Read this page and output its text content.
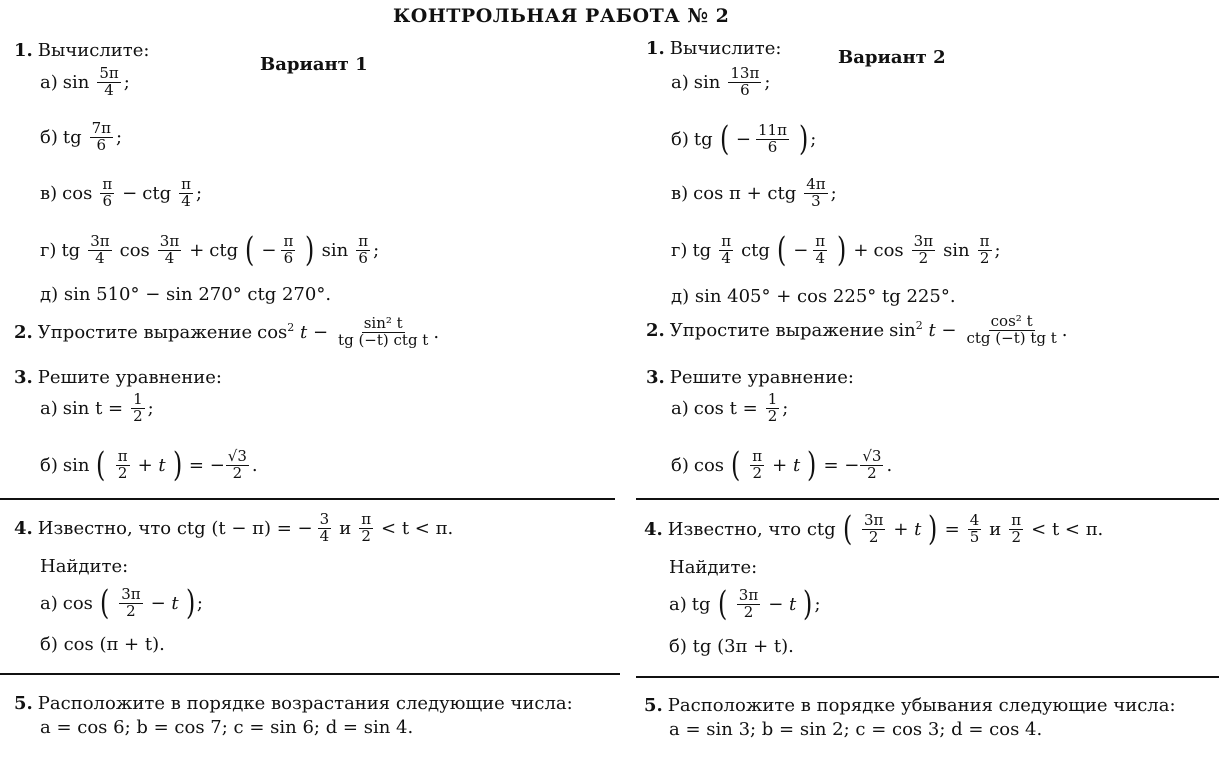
КОНТРОЛЬНАЯ РАБОТА № 2
Вариант 1
1. Вычислите:
а) $\sin \frac{5\pi}{4}$ ;
б) tg $\frac{7\pi}{6}$ ;
в) $\cos \frac{\pi}{6}$ − ctg $\frac{\pi}{4}$ ;
г) tg $\frac{3\pi}{4}$ $\cos \frac{3\pi}{4}$ + ctg ( − $\frac{\pi}{6}$ ) $\sin \frac{\pi}{6}$ ;
д) sin 510° − sin 270° ctg 270°.
2. Упростите выражение $\cos^2 t - \frac{\text{sin² t}}{\text{tg (−t) ctg t}}$ .
3. Решите уравнение:
а) $\sin t = \frac{1}{2}$ ;
б) sin ( $\frac{\pi}{2} + t$ ) = − $\frac{√3}{2}$ .
4. Известно, что ctg (t − π) = − $\frac{3}{4}$ и $\frac{\pi}{2} < t < \pi$.
Найдите:
а) cos ( $\frac{3\pi}{2} - t$ ) ;
б) cos (π + t).
5. Расположите в порядке возрастания следующие числа:
a = cos 6; b = cos 7; c = sin 6; d = sin 4.
Вариант 2
1. Вычислите:
а) $\sin \frac{13\pi}{6}$ ;
б) tg ( − $\frac{11\pi}{6}$ ) ;
в) cos π + ctg $\frac{4\pi}{3}$ ;
г) tg $\frac{\pi}{4}$ ctg ( − $\frac{\pi}{4}$ ) + $\cos \frac{3\pi}{2}$ $\sin \frac{\pi}{2}$ ;
д) sin 405° + cos 225° tg 225°.
2. Упростите выражение $\sin^2 t - \frac{\text{cos² t}}{\text{ctg (−t) tg t}}$ .
3. Решите уравнение:
а) $\cos t = \frac{1}{2}$ ;
б) cos ( $\frac{\pi}{2} + t$ ) = − $\frac{√3}{2}$ .
4. Известно, что ctg ( $\frac{3\pi}{2} + t$ ) = $\frac{4}{5}$ и $\frac{\pi}{2} < t < \pi$.
Найдите:
а) tg ( $\frac{3\pi}{2} - t$ ) ;
б) tg (3π + t).
5. Расположите в порядке убывания следующие числа:
a = sin 3; b = sin 2; c = cos 3; d = cos 4.
